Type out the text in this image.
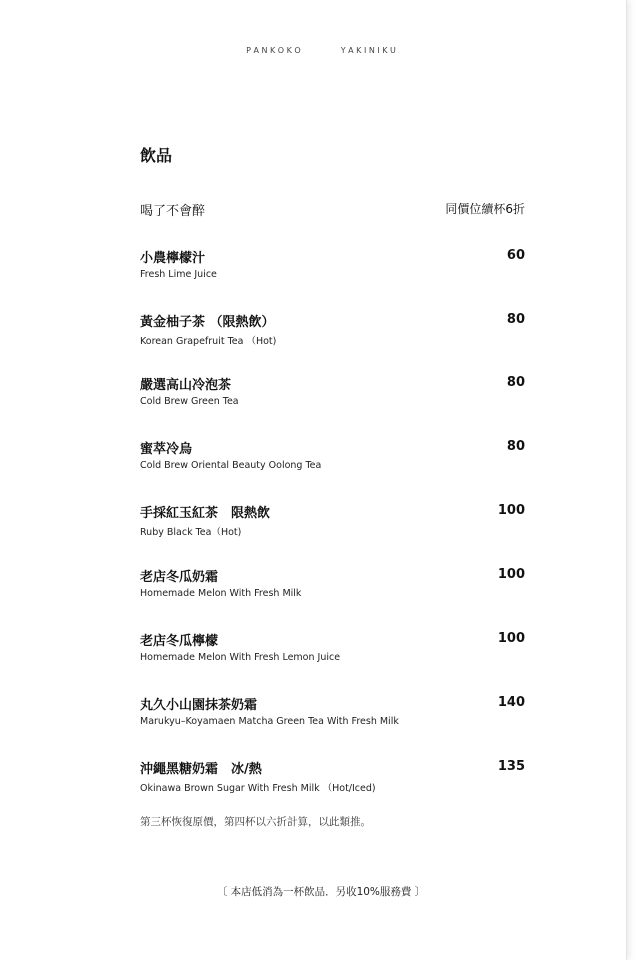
P A N K O K O	Y A K I N I K U
飲品
喝了不會醉	同價位續杯6折
小農檸檬汁
Fresh Lime Juice
60
黃金柚子茶 （限熱飲）
Korean Grapefruit Tea （Hot)
80
嚴選高山冷泡茶
Cold Brew Green Tea
80
蜜萃冷烏
Cold Brew Oriental Beauty Oolong Tea
80
手採紅玉紅茶　限熱飲
Ruby Black Tea（Hot)
100
老店冬瓜奶霜
Homemade Melon With Fresh Milk
100
老店冬瓜檸檬
Homemade Melon With Fresh Lemon Juice
100
丸久小山園抹茶奶霜
Marukyu–Koyamaen Matcha Green Tea With Fresh Milk
140
沖繩黑糖奶霜　冰/熱
Okinawa Brown Sugar With Fresh Milk （Hot/Iced)
135
第三杯恢復原價，第四杯以六折計算，以此類推。
〔 本店低消為一杯飲品．另收10%服務費 〕
